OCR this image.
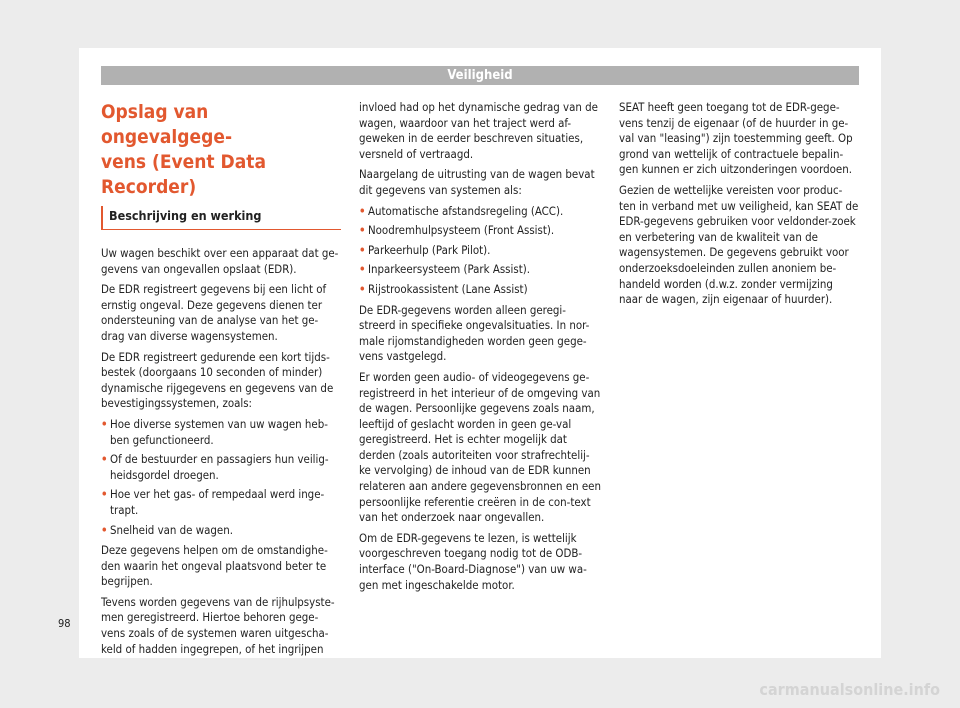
Veiligheid
Opslag van ongevalgege-
vens (Event Data Recorder)
Beschrijving en werking

Uw wagen beschikt over een apparaat dat ge-gevens van ongevallen opslaat (EDR).

De EDR registreert gegevens bij een licht of ernstig ongeval. Deze gegevens dienen ter ondersteuning van de analyse van het ge-drag van diverse wagensystemen.

De EDR registreert gedurende een kort tijds-bestek (doorgaans 10 seconden of minder) dynamische rijgegevens en gegevens van de bevestigingssystemen, zoals:

• Hoe diverse systemen van uw wagen heb-ben gefunctioneerd.
• Of de bestuurder en passagiers hun veilig-heidsgordel droegen.
• Hoe ver het gas- of rempedaal werd inge-trapt.
• Snelheid van de wagen.

Deze gegevens helpen om de omstandighe-den waarin het ongeval plaatsvond beter te begrijpen.

Tevens worden gegevens van de rijhulpsyste-men geregistreerd. Hiertoe behoren gege-vens zoals of de systemen waren uitgescha-keld of hadden ingegrepen, of het ingrijpen

invloed had op het dynamische gedrag van de wagen, waardoor van het traject werd af-geweken in de eerder beschreven situaties, versneld of vertraagd.

Naargelang de uitrusting van de wagen bevat dit gegevens van systemen als:

• Automatische afstandsregeling (ACC).
• Noodremhulpsysteem (Front Assist).
• Parkeerhulp (Park Pilot).
• Inparkeersysteem (Park Assist).
• Rijstrookassistent (Lane Assist)

De EDR-gegevens worden alleen geregi-streerd in specifieke ongevalsituaties. In nor-male rijomstandigheden worden geen gege-vens vastgelegd.

Er worden geen audio- of videogegevens ge-registreerd in het interieur of de omgeving van de wagen. Persoonlijke gegevens zoals naam, leeftijd of geslacht worden in geen ge-val geregistreerd. Het is echter mogelijk dat derden (zoals autoriteiten voor strafrechtelij-ke vervolging) de inhoud van de EDR kunnen relateren aan andere gegevensbronnen en een persoonlijke referentie creëren in de con-text van het onderzoek naar ongevallen.

Om de EDR-gegevens te lezen, is wettelijk voorgeschreven toegang nodig tot de ODB-interface ("On-Board-Diagnose") van uw wa-gen met ingeschakelde motor.

SEAT heeft geen toegang tot de EDR-gege-vens tenzij de eigenaar (of de huurder in ge-val van "leasing") zijn toestemming geeft. Op grond van wettelijk of contractuele bepalin-gen kunnen er zich uitzonderingen voordoen.

Gezien de wettelijke vereisten voor produc-ten in verband met uw veiligheid, kan SEAT de EDR-gegevens gebruiken voor veldonder-zoek en verbetering van de kwaliteit van de wagensystemen. De gegevens gebruikt voor onderzoeksdoeleinden zullen anoniem be-handeld worden (d.w.z. zonder vermijzing naar de wagen, zijn eigenaar of huurder).

98
carmanualsonline.info
